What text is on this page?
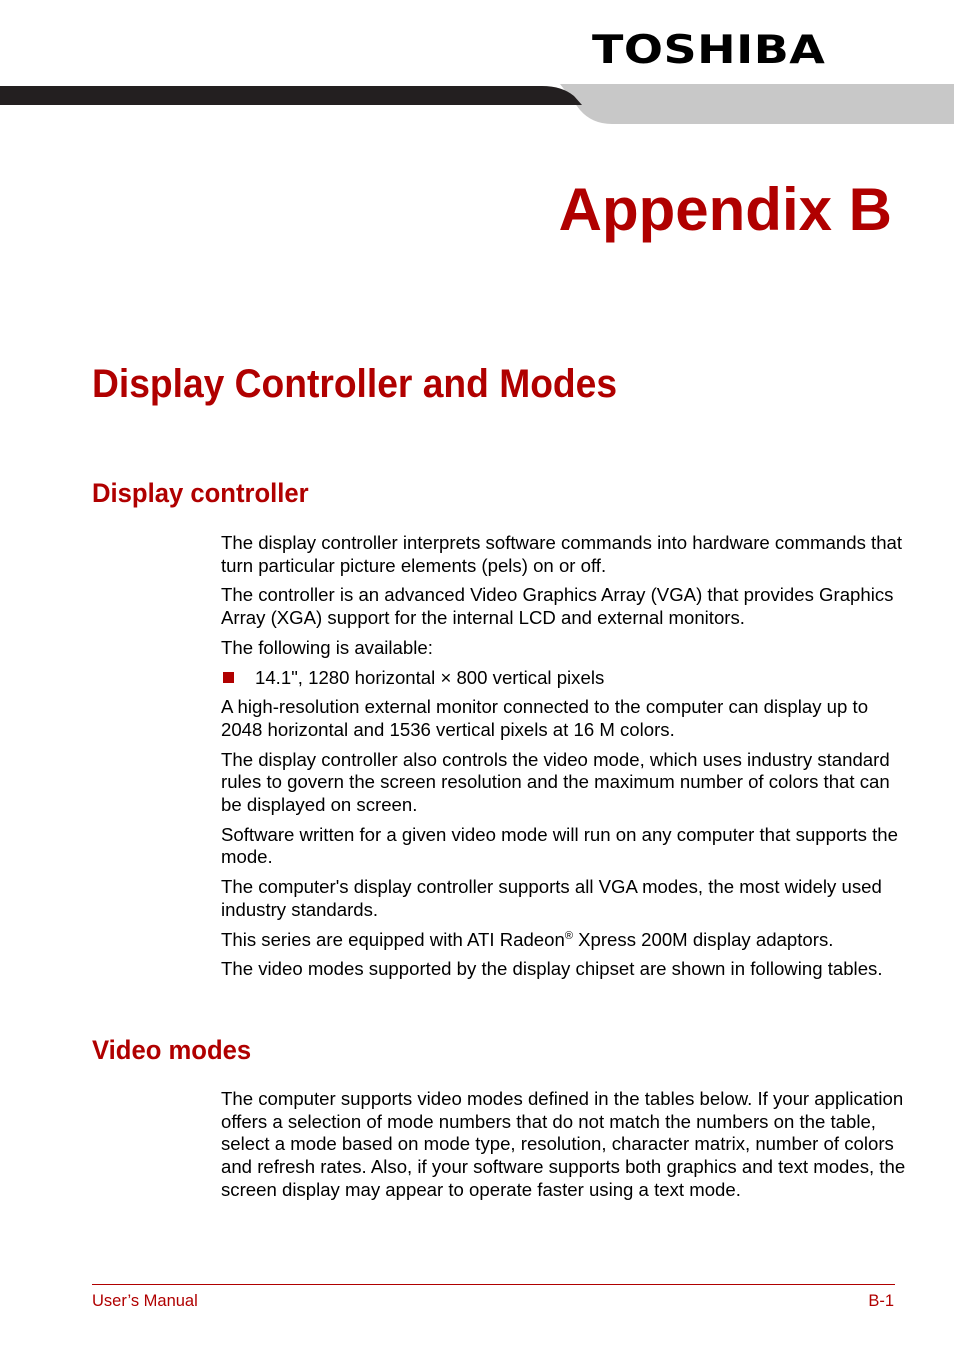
TOSHIBA
Appendix B
Display Controller and Modes
Display controller

The display controller interprets software commands into hardware commands that turn particular picture elements (pels) on or off.

The controller is an advanced Video Graphics Array (VGA) that provides Graphics Array (XGA) support for the internal LCD and external monitors.

The following is available:

14.1", 1280 horizontal × 800 vertical pixels

A high-resolution external monitor connected to the computer can display up to 2048 horizontal and 1536 vertical pixels at 16 M colors.

The display controller also controls the video mode, which uses industry standard rules to govern the screen resolution and the maximum number of colors that can be displayed on screen.

Software written for a given video mode will run on any computer that supports the mode.

The computer's display controller supports all VGA modes, the most widely used industry standards.

This series are equipped with ATI Radeon® Xpress 200M display adaptors.

The video modes supported by the display chipset are shown in following tables.

Video modes

The computer supports video modes defined in the tables below. If your application offers a selection of mode numbers that do not match the numbers on the table, select a mode based on mode type, resolution, character matrix, number of colors and refresh rates. Also, if your software supports both graphics and text modes, the screen display may appear to operate faster using a text mode.

User’s Manual	B-1
